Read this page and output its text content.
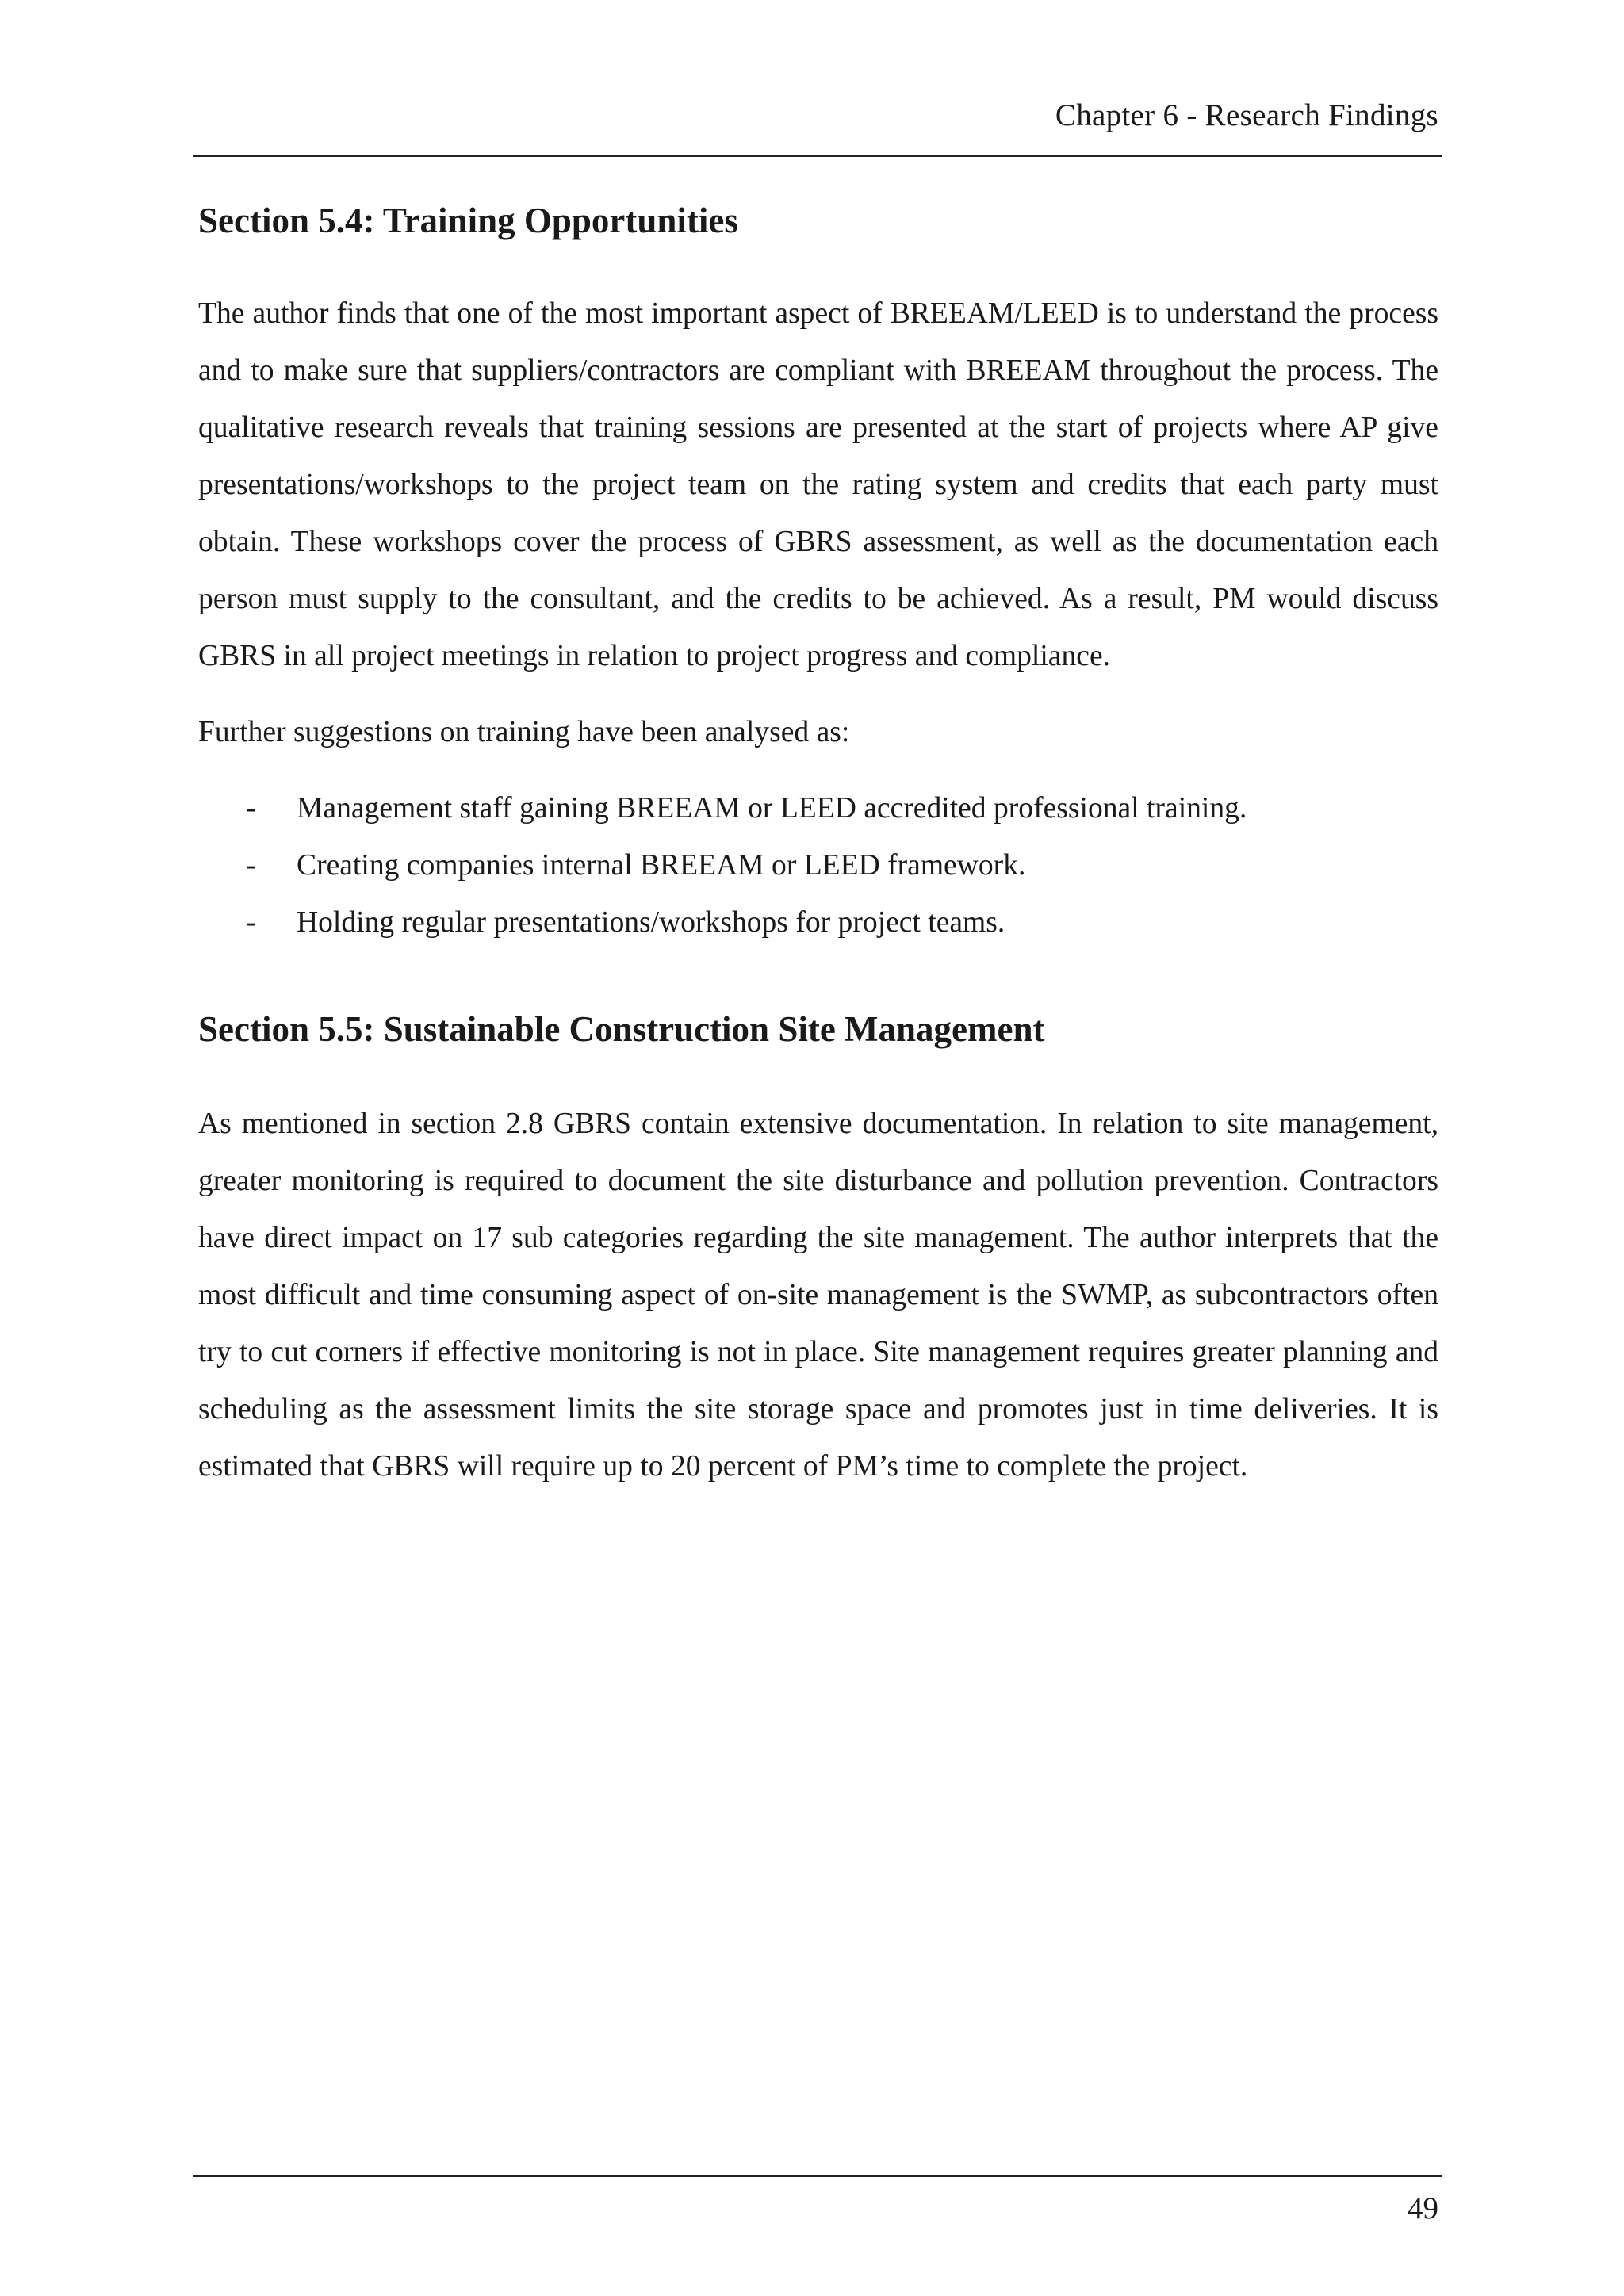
Chapter 6 - Research Findings
Section 5.4: Training Opportunities

The author finds that one of the most important aspect of BREEAM/LEED is to understand the process and to make sure that suppliers/contractors are compliant with BREEAM throughout the process. The qualitative research reveals that training sessions are presented at the start of projects where AP give presentations/workshops to the project team on the rating system and credits that each party must obtain. These workshops cover the process of GBRS assessment, as well as the documentation each person must supply to the consultant, and the credits to be achieved. As a result, PM would discuss GBRS in all project meetings in relation to project progress and compliance.

Further suggestions on training have been analysed as:

- Management staff gaining BREEAM or LEED accredited professional training.
- Creating companies internal BREEAM or LEED framework.
- Holding regular presentations/workshops for project teams.
Section 5.5: Sustainable Construction Site Management

As mentioned in section 2.8 GBRS contain extensive documentation. In relation to site management, greater monitoring is required to document the site disturbance and pollution prevention. Contractors have direct impact on 17 sub categories regarding the site management. The author interprets that the most difficult and time consuming aspect of on-site management is the SWMP, as subcontractors often try to cut corners if effective monitoring is not in place. Site management requires greater planning and scheduling as the assessment limits the site storage space and promotes just in time deliveries. It is estimated that GBRS will require up to 20 percent of PM’s time to complete the project.

49
